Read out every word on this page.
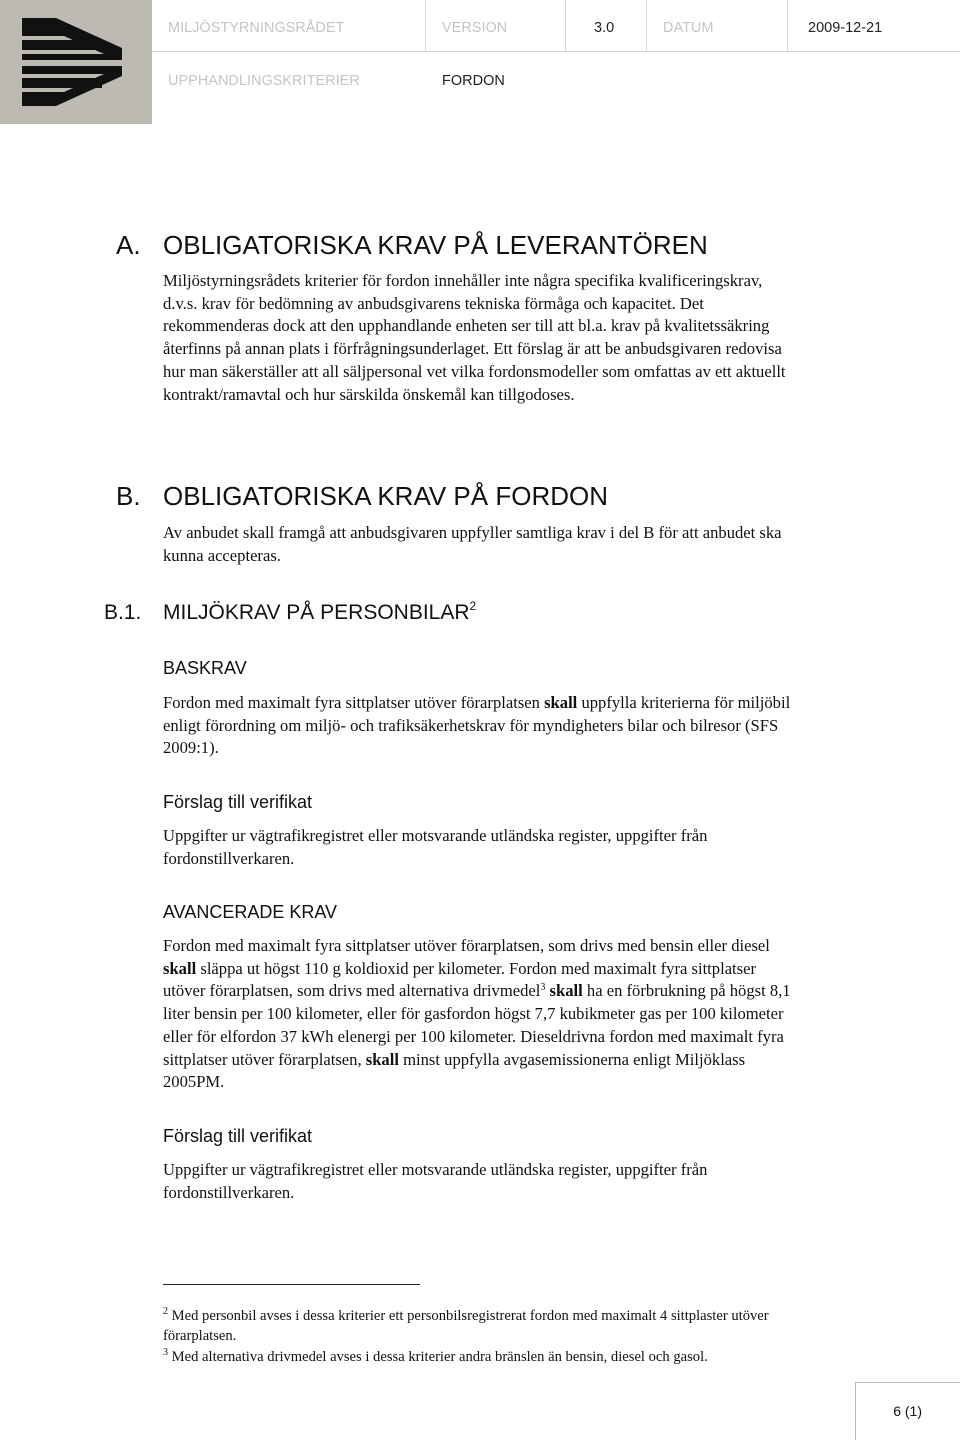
MILJÖSTYRNINGSRÅDET	VERSION	3.0	DATUM	2009-12-21
UPPHANDLINGSKRITERIER	FORDON
A. OBLIGATORISKA KRAV PÅ LEVERANTÖREN
Miljöstyrningsrådets kriterier för fordon innehåller inte några specifika kvalificeringskrav,
d.v.s. krav för bedömning av anbudsgivarens tekniska förmåga och kapacitet. Det
rekommenderas dock att den upphandlande enheten ser till att bl.a. krav på kvalitetssäkring
återfinns på annan plats i förfrågningsunderlaget. Ett förslag är att be anbudsgivaren redovisa
hur man säkerställer att all säljpersonal vet vilka fordonsmodeller som omfattas av ett aktuellt
kontrakt/ramavtal och hur särskilda önskemål kan tillgodoses.
B. OBLIGATORISKA KRAV PÅ FORDON
Av anbudet skall framgå att anbudsgivaren uppfyller samtliga krav i del B för att anbudet ska
kunna accepteras.
B.1. MILJÖKRAV PÅ PERSONBILAR$^2$
BASKRAV
Fordon med maximalt fyra sittplatser utöver förarplatsen skall uppfylla kriterierna för miljöbil
enligt förordning om miljö- och trafiksäkerhetskrav för myndigheters bilar och bilresor (SFS
2009:1).
Förslag till verifikat
Uppgifter ur vägtrafikregistret eller motsvarande utländska register, uppgifter från
fordonstillverkaren.
AVANCERADE KRAV
Fordon med maximalt fyra sittplatser utöver förarplatsen, som drivs med bensin eller diesel
skall släppa ut högst 110 g koldioxid per kilometer. Fordon med maximalt fyra sittplatser
utöver förarplatsen, som drivs med alternativa drivmedel$^3$ skall ha en förbrukning på högst 8,1
liter bensin per 100 kilometer, eller för gasfordon högst 7,7 kubikmeter gas per 100 kilometer
eller för elfordon 37 kWh elenergi per 100 kilometer. Dieseldrivna fordon med maximalt fyra
sittplatser utöver förarplatsen, skall minst uppfylla avgasemissionerna enligt Miljöklass
2005PM.
Förslag till verifikat
Uppgifter ur vägtrafikregistret eller motsvarande utländska register, uppgifter från
fordonstillverkaren.
$^2$ Med personbil avses i dessa kriterier ett personbilsregistrerat fordon med maximalt 4 sittplaster utöver
förarplatsen.
$^3$ Med alternativa drivmedel avses i dessa kriterier andra bränslen än bensin, diesel och gasol.
6 (1)
